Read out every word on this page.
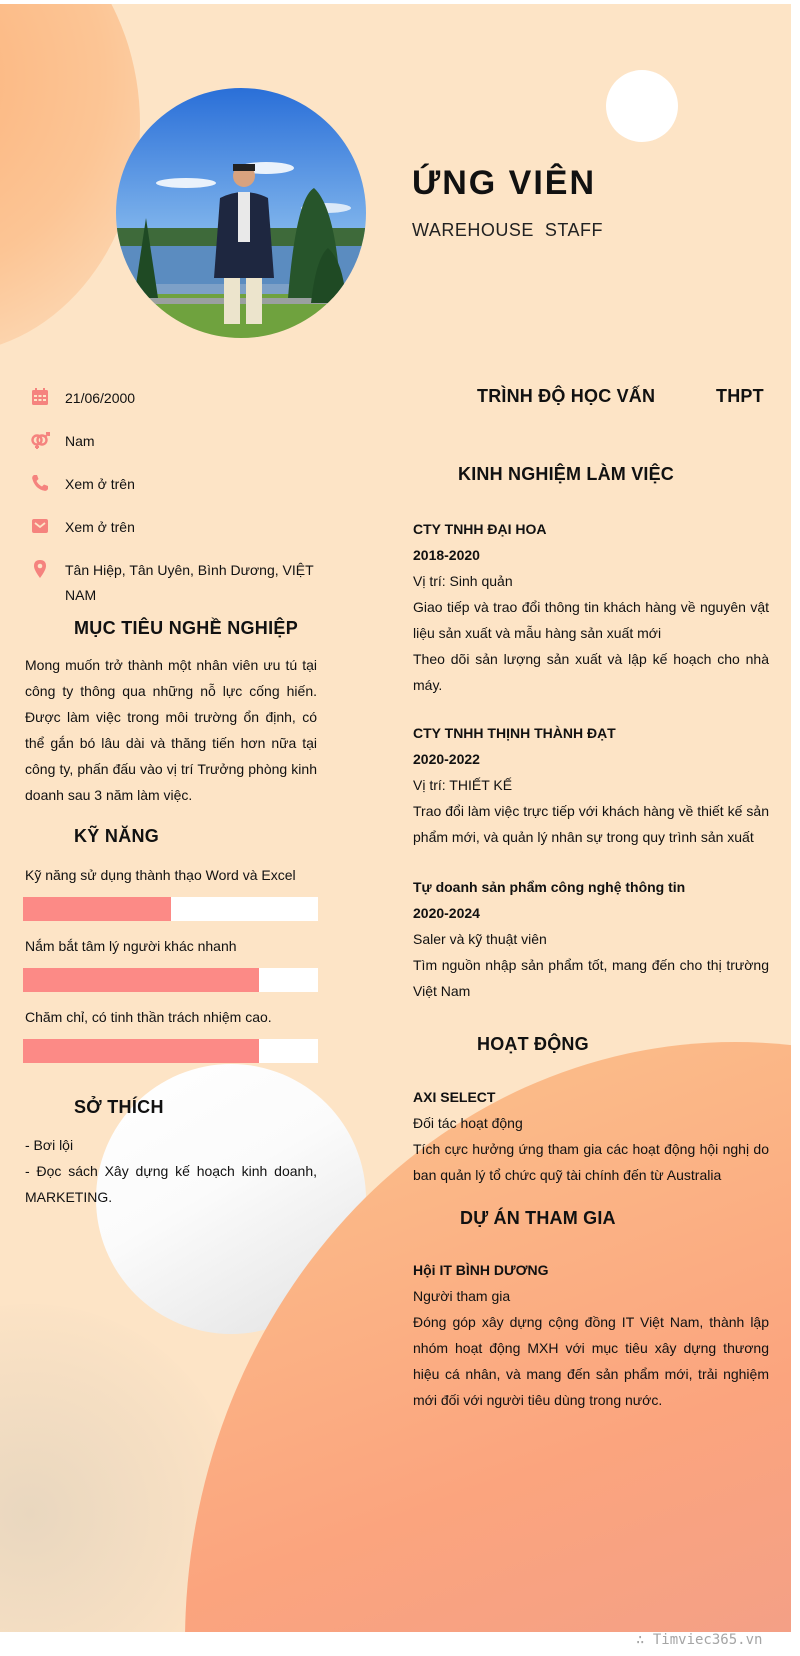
ỨNG VIÊN
WAREHOUSE  STAFF
21/06/2000
Nam
Xem ở trên
Xem ở trên
Tân Hiệp, Tân Uyên, Bình Dương, VIỆT NAM
MỤC TIÊU NGHỀ NGHIỆP
Mong muốn trở thành một nhân viên ưu tú tại công ty thông qua những nỗ lực cống hiến. Được làm việc trong môi trường ổn định, có thể gắn bó lâu dài và thăng tiến hơn nữa tại công ty, phấn đấu vào vị trí Trưởng phòng kinh doanh sau 3 năm làm việc.
KỸ NĂNG
Kỹ năng sử dụng thành thạo Word và Excel
Nắm bắt tâm lý người khác nhanh
Chăm chỉ, có tinh thần trách nhiệm cao.
SỞ THÍCH
- Bơi lội
- Đọc sách Xây dựng kế hoạch kinh doanh, MARKETING.
TRÌNH ĐỘ HỌC VẤN	THPT
KINH NGHIỆM LÀM VIỆC
CTY TNHH ĐẠI HOA
2018-2020
Vị trí: Sinh quản
Giao tiếp và trao đổi thông tin khách hàng về nguyên vật liệu sản xuất và mẫu hàng sản xuất mới
Theo dõi sản lượng sản xuất và lập kế hoạch cho nhà máy.
CTY TNHH THỊNH THÀNH ĐẠT
2020-2022
Vị trí: THIẾT KẾ
Trao đổi làm việc trực tiếp với khách hàng về thiết kế sản phẩm mới, và quản lý nhân sự trong quy trình sản xuất
Tự doanh sản phẩm công nghệ thông tin
2020-2024
Saler và kỹ thuật viên
Tìm nguồn nhập sản phẩm tốt, mang đến cho thị trường Việt Nam
HOẠT ĐỘNG
AXI SELECT
Đối tác hoạt động
Tích cực hưởng ứng tham gia các hoạt động hội nghị do ban quản lý tổ chức quỹ tài chính đến từ Australia
DỰ ÁN THAM GIA
Hội IT BÌNH DƯƠNG
Người tham gia
Đóng góp xây dựng cộng đồng IT Việt Nam, thành lập nhóm hoạt động MXH với mục tiêu xây dựng thương hiệu cá nhân, và mang đến sản phẩm mới, trải nghiệm mới đối với người tiêu dùng trong nước.
∴ Timviec365.vn
